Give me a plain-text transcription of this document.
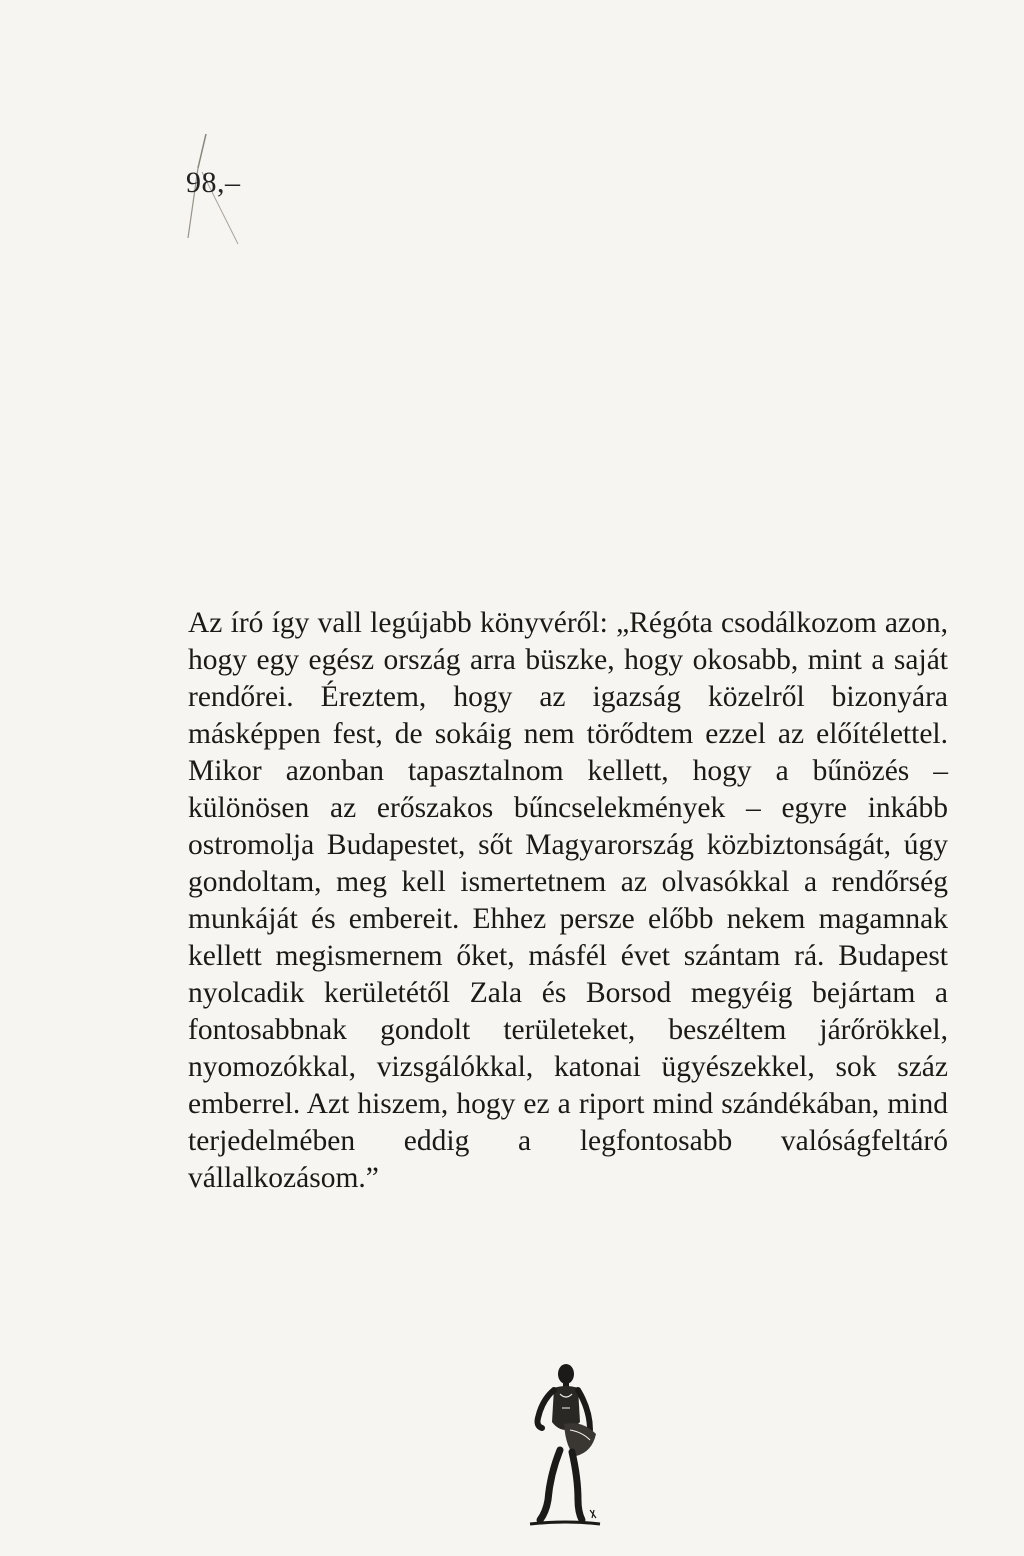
98,–

Az író így vall legújabb könyvéről: „Régóta csodálkozom azon, hogy egy egész ország arra büszke, hogy okosabb, mint a saját rendőrei. Éreztem, hogy az igazság közelről bizonyára másképpen fest, de sokáig nem törődtem ezzel az előítélettel. Mikor azonban tapasztalnom kellett, hogy a bűnözés – különösen az erőszakos bűncselekmények – egyre inkább ostromolja Budapestet, sőt Magyarország közbiztonságát, úgy gondoltam, meg kell ismertetnem az olvasókkal a rendőrség munkáját és embereit. Ehhez persze előbb nekem magamnak kellett megismernem őket, másfél évet szántam rá. Budapest nyolcadik kerületétől Zala és Borsod megyéig bejártam a fontosabbnak gondolt területeket, beszéltem járőrökkel, nyomozókkal, vizsgálókkal, katonai ügyészekkel, sok száz emberrel. Azt hiszem, hogy ez a riport mind szándékában, mind terjedelmében eddig a legfontosabb valóságfeltáró vállalkozásom.”
